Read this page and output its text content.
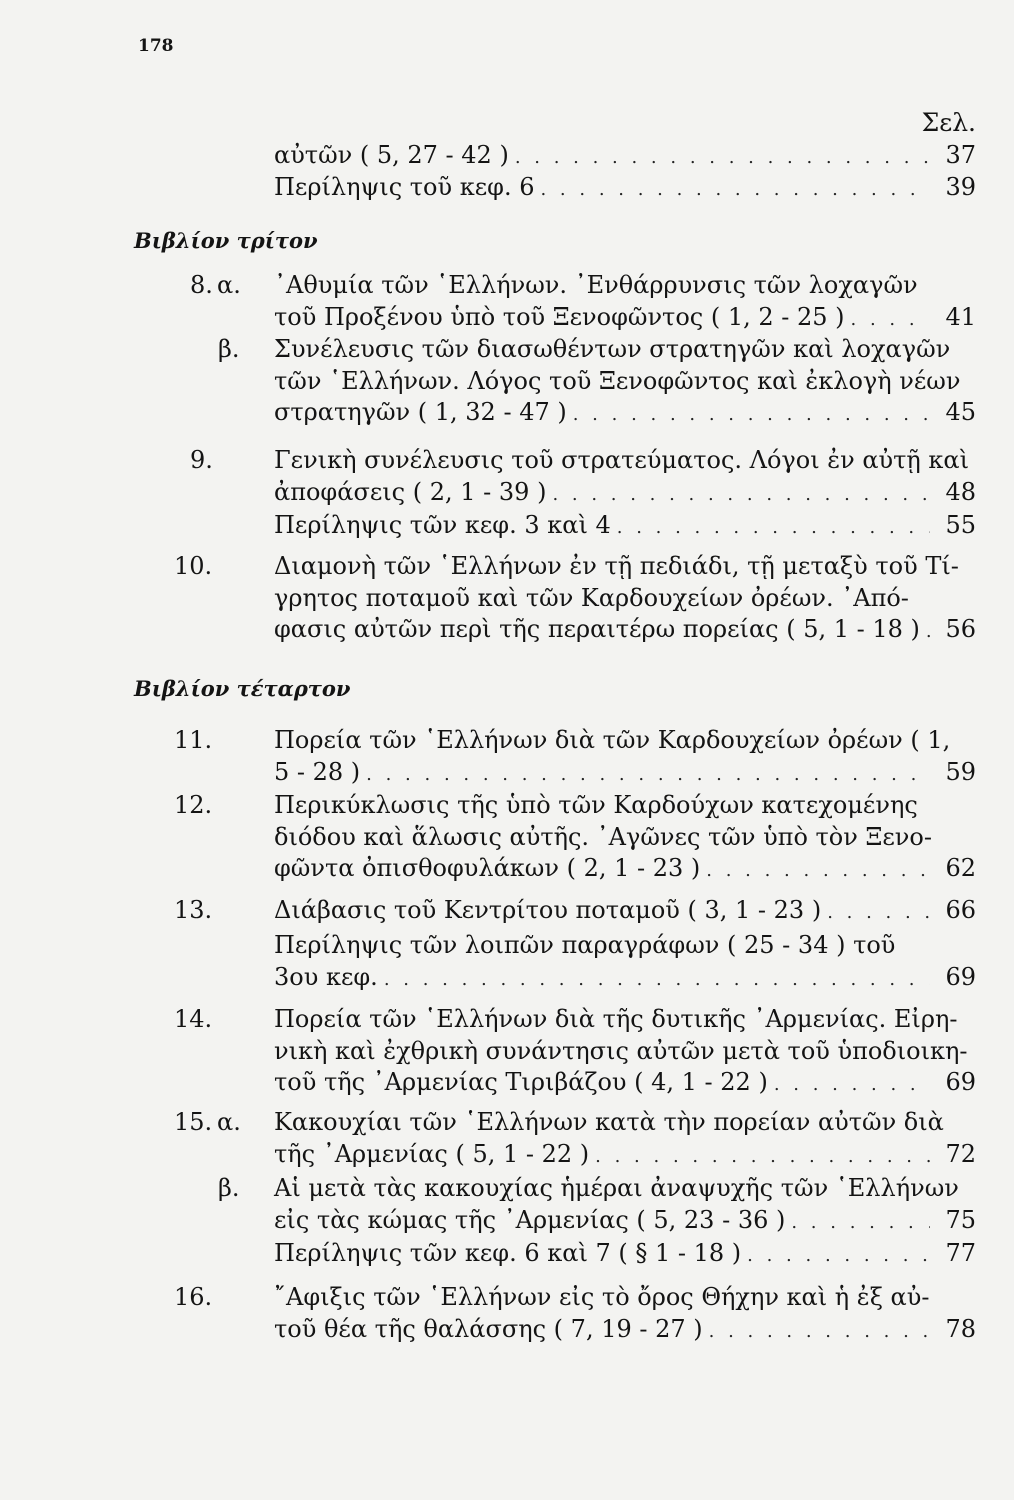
178
Σελ.
Βιβλίον τρίτον
Βιβλίον τέταρτον
αὐτῶν ( 5, 27 - 42 ) . . .	37
Περίληψις τοῦ κεφ. 6 . . .	39
8. α. ᾿Αθυμία τῶν ῾Ελλήνων. ᾿Ενθάρρυνσις τῶν λοχαγῶν
τοῦ Προξένου ὑπὸ τοῦ Ξενοφῶντος ( 1, 2 - 25 ) . . .	41
β. Συνέλευσις τῶν διασωθέντων στρατηγῶν καὶ λοχαγῶν
τῶν ῾Ελλήνων. Λόγος τοῦ Ξενοφῶντος καὶ ἐκλογὴ νέων
στρατηγῶν ( 1, 32 - 47 ) . . .	45
9.	Γενικὴ συνέλευσις τοῦ στρατεύματος. Λόγοι ἐν αὐτῇ καὶ
ἀποφάσεις ( 2, 1 - 39 ) . . .	48
Περίληψις τῶν κεφ. 3 καὶ 4 . . .	55
10.	Διαμονὴ τῶν ῾Ελλήνων ἐν τῇ πεδιάδι, τῇ μεταξὺ τοῦ Τί-
γρητος ποταμοῦ καὶ τῶν Καρδουχείων ὀρέων. ᾿Από-
φασις αὐτῶν περὶ τῆς περαιτέρω πορείας ( 5, 1 - 18 ) . . .	56
11.	Πορεία τῶν ῾Ελλήνων διὰ τῶν Καρδουχείων ὀρέων ( 1,
5 - 28 ) . . .	59
12.	Περικύκλωσις τῆς ὑπὸ τῶν Καρδούχων κατεχομένης
διόδου καὶ ἅλωσις αὐτῆς. ᾿Αγῶνες τῶν ὑπὸ τὸν Ξενο-
φῶντα ὀπισθοφυλάκων ( 2, 1 - 23 ) . . .	62
13.	Διάβασις τοῦ Κεντρίτου ποταμοῦ ( 3, 1 - 23 ) . . .	66
Περίληψις τῶν λοιπῶν παραγράφων ( 25 - 34 ) τοῦ
3ου κεφ. . . .	69
14.	Πορεία τῶν ῾Ελλήνων διὰ τῆς δυτικῆς ᾿Αρμενίας. Εἰρη-
νικὴ καὶ ἐχθρικὴ συνάντησις αὐτῶν μετὰ τοῦ ὑποδιοικη-
τοῦ τῆς ᾿Αρμενίας Τιριβάζου ( 4, 1 - 22 ) . . .	69
15. α. Κακουχίαι τῶν ῾Ελλήνων κατὰ τὴν πορείαν αὐτῶν διὰ
τῆς ᾿Αρμενίας ( 5, 1 - 22 ) . . .	72
β. Αἱ μετὰ τὰς κακουχίας ἡμέραι ἀναψυχῆς τῶν ῾Ελλήνων
εἰς τὰς κώμας τῆς ᾿Αρμενίας ( 5, 23 - 36 ) . . .	75
Περίληψις τῶν κεφ. 6 καὶ 7 ( § 1 - 18 ) . . .	77
16.	῎Αφιξις τῶν ῾Ελλήνων εἰς τὸ ὄρος Θήχην καὶ ἡ ἐξ αὐ-
τοῦ θέα τῆς θαλάσσης ( 7, 19 - 27 ) . . .	78
